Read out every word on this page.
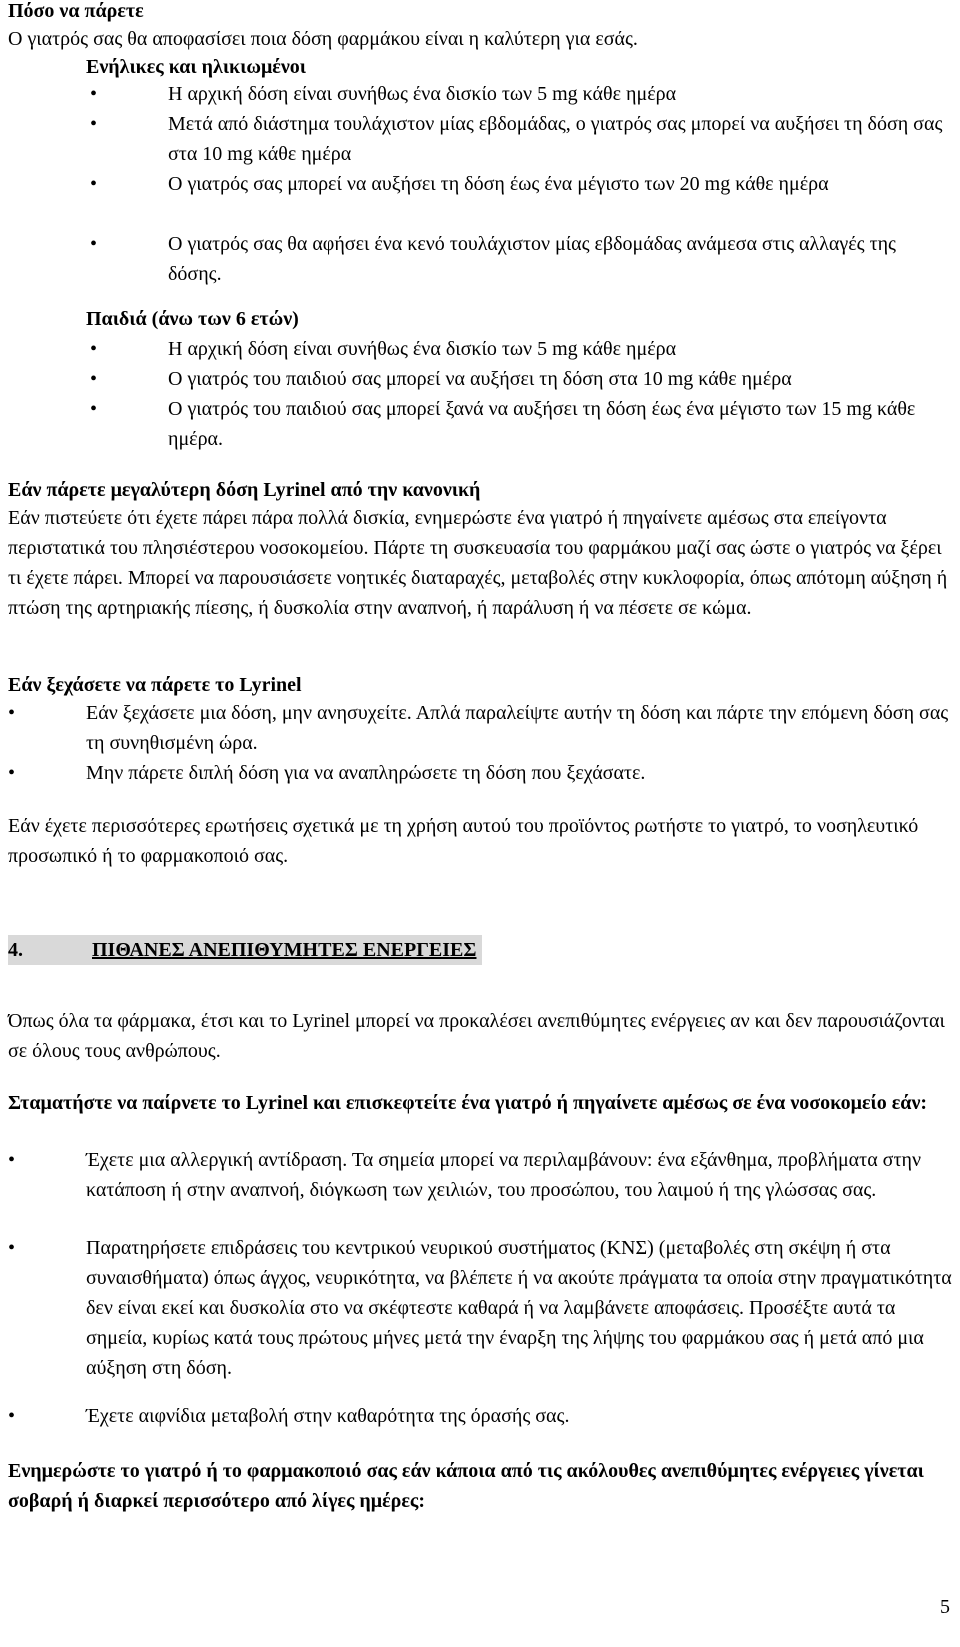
Πόσο να πάρετε

Ο γιατρός σας θα αποφασίσει ποια δόση φαρμάκου είναι η καλύτερη για εσάς.

Ενήλικες και ηλικιωμένοι

•	Η αρχική δόση είναι συνήθως ένα δισκίο των 5 mg κάθε ημέρα
•	Μετά από διάστημα τουλάχιστον μίας εβδομάδας, ο γιατρός σας μπορεί να αυξήσει τη δόση σας στα 10 mg κάθε ημέρα
•	Ο γιατρός σας μπορεί να αυξήσει τη δόση έως ένα μέγιστο των 20 mg κάθε ημέρα
•	Ο γιατρός σας θα αφήσει ένα κενό τουλάχιστον μίας εβδομάδας ανάμεσα στις αλλαγές της δόσης.

Παιδιά (άνω των 6 ετών)

•	Η αρχική δόση είναι συνήθως ένα δισκίο των 5 mg κάθε ημέρα
•	Ο γιατρός του παιδιού σας μπορεί να αυξήσει τη δόση στα 10 mg κάθε ημέρα
•	Ο γιατρός του παιδιού σας μπορεί ξανά να αυξήσει τη δόση έως ένα μέγιστο των 15 mg κάθε ημέρα.

Εάν πάρετε μεγαλύτερη δόση Lyrinel από την κανονική

Εάν πιστεύετε ότι έχετε πάρει πάρα πολλά δισκία, ενημερώστε ένα γιατρό ή πηγαίνετε αμέσως στα επείγοντα περιστατικά του πλησιέστερου νοσοκομείου. Πάρτε τη συσκευασία του φαρμάκου μαζί σας ώστε ο γιατρός να ξέρει τι έχετε πάρει. Μπορεί να παρουσιάσετε νοητικές διαταραχές, μεταβολές στην κυκλοφορία, όπως απότομη αύξηση ή πτώση της αρτηριακής πίεσης, ή δυσκολία στην αναπνοή, ή παράλυση ή να πέσετε σε κώμα.

Εάν ξεχάσετε να πάρετε το Lyrinel

•	Εάν ξεχάσετε μια δόση, μην ανησυχείτε. Απλά παραλείψτε αυτήν τη δόση και πάρτε την επόμενη δόση σας τη συνηθισμένη ώρα.
•	Μην πάρετε διπλή δόση για να αναπληρώσετε τη δόση που ξεχάσατε.

Εάν έχετε περισσότερες ερωτήσεις σχετικά με τη χρήση αυτού του προϊόντος ρωτήστε το γιατρό, το νοσηλευτικό προσωπικό ή το φαρμακοποιό σας.

4.	ΠΙΘΑΝΕΣ ΑΝΕΠΙΘΥΜΗΤΕΣ ΕΝΕΡΓΕΙΕΣ

Όπως όλα τα φάρμακα, έτσι και το Lyrinel μπορεί να προκαλέσει ανεπιθύμητες ενέργειες αν και δεν παρουσιάζονται σε όλους τους ανθρώπους.

Σταματήστε να παίρνετε το Lyrinel και επισκεφτείτε ένα γιατρό ή πηγαίνετε αμέσως σε ένα νοσοκομείο εάν:

•	Έχετε μια αλλεργική αντίδραση. Τα σημεία μπορεί να περιλαμβάνουν: ένα εξάνθημα, προβλήματα στην κατάποση ή στην αναπνοή, διόγκωση των χειλιών, του προσώπου, του λαιμού ή της γλώσσας σας.
•	Παρατηρήσετε επιδράσεις του κεντρικού νευρικού συστήματος (ΚΝΣ) (μεταβολές στη σκέψη ή στα συναισθήματα) όπως άγχος, νευρικότητα, να βλέπετε ή να ακούτε πράγματα τα οποία στην πραγματικότητα δεν είναι εκεί και δυσκολία στο να σκέφτεστε καθαρά ή να λαμβάνετε αποφάσεις. Προσέξτε αυτά τα σημεία, κυρίως κατά τους πρώτους μήνες μετά την έναρξη της λήψης του φαρμάκου σας ή μετά από μια αύξηση στη δόση.
•	Έχετε αιφνίδια μεταβολή στην καθαρότητα της όρασής σας.

Ενημερώστε το γιατρό ή το φαρμακοποιό σας εάν κάποια από τις ακόλουθες ανεπιθύμητες ενέργειες γίνεται σοβαρή ή διαρκεί περισσότερο από λίγες ημέρες:

5
